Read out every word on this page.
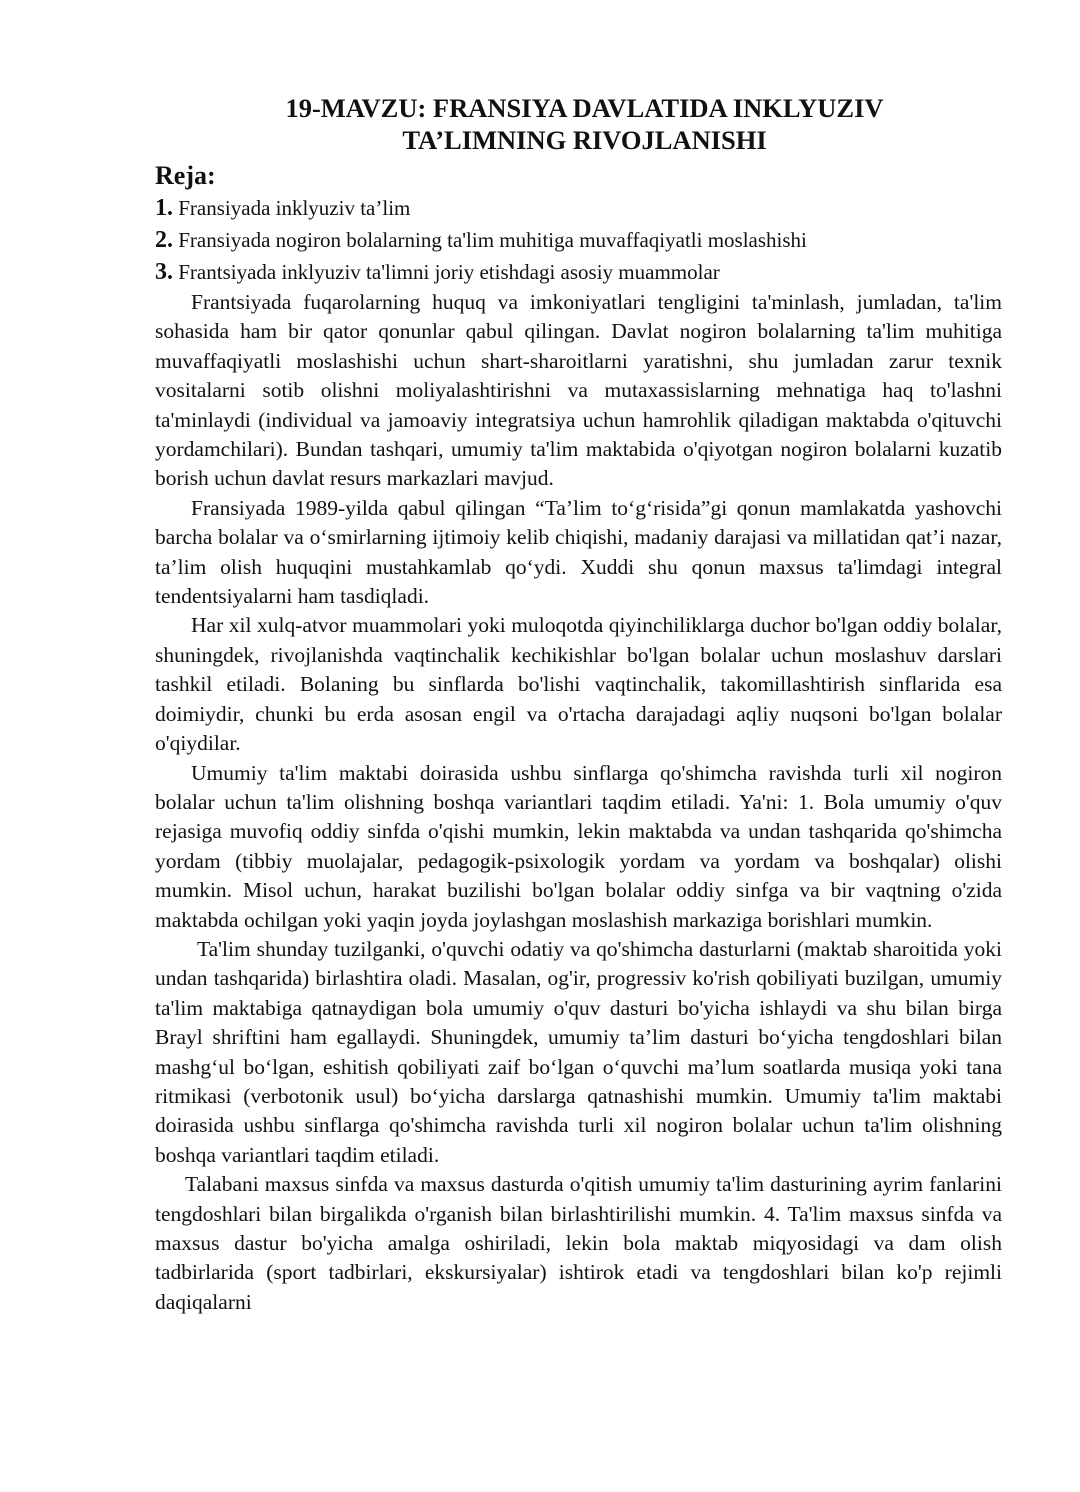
19-MAVZU: FRANSIYA DAVLATIDA INKLYUZIV
TA’LIMNING RIVOJLANISHI
Reja:
1. Fransiyada inklyuziv ta’lim
2. Fransiyada nogiron bolalarning ta'lim muhitiga muvaffaqiyatli moslashishi
3. Frantsiyada inklyuziv ta'limni joriy etishdagi asosiy muammolar

Frantsiyada fuqarolarning huquq va imkoniyatlari tengligini ta'minlash, jumladan, ta'lim sohasida ham bir qator qonunlar qabul qilingan. Davlat nogiron bolalarning ta'lim muhitiga muvaffaqiyatli moslashishi uchun shart-sharoitlarni yaratishni, shu jumladan zarur texnik vositalarni sotib olishni moliyalashtirishni va mutaxassislarning mehnatiga haq to'lashni ta'minlaydi (individual va jamoaviy integratsiya uchun hamrohlik qiladigan maktabda o'qituvchi yordamchilari). Bundan tashqari, umumiy ta'lim maktabida o'qiyotgan nogiron bolalarni kuzatib borish uchun davlat resurs markazlari mavjud.

Fransiyada 1989-yilda qabul qilingan “Ta’lim to‘g‘risida”gi qonun mamlakatda yashovchi barcha bolalar va o‘smirlarning ijtimoiy kelib chiqishi, madaniy darajasi va millatidan qat’i nazar, ta’lim olish huquqini mustahkamlab qo‘ydi. Xuddi shu qonun maxsus ta'limdagi integral tendentsiyalarni ham tasdiqladi.

Har xil xulq-atvor muammolari yoki muloqotda qiyinchiliklarga duchor bo'lgan oddiy bolalar, shuningdek, rivojlanishda vaqtinchalik kechikishlar bo'lgan bolalar uchun moslashuv darslari tashkil etiladi. Bolaning bu sinflarda bo'lishi vaqtinchalik, takomillashtirish sinflarida esa doimiydir, chunki bu erda asosan engil va o'rtacha darajadagi aqliy nuqsoni bo'lgan bolalar o'qiydilar.

Umumiy ta'lim maktabi doirasida ushbu sinflarga qo'shimcha ravishda turli xil nogiron bolalar uchun ta'lim olishning boshqa variantlari taqdim etiladi. Ya'ni: 1. Bola umumiy o'quv rejasiga muvofiq oddiy sinfda o'qishi mumkin, lekin maktabda va undan tashqarida qo'shimcha yordam (tibbiy muolajalar, pedagogik-psixologik yordam va yordam va boshqalar) olishi mumkin. Misol uchun, harakat buzilishi bo'lgan bolalar oddiy sinfga va bir vaqtning o'zida maktabda ochilgan yoki yaqin joyda joylashgan moslashish markaziga borishlari mumkin.

Ta'lim shunday tuzilganki, o'quvchi odatiy va qo'shimcha dasturlarni (maktab sharoitida yoki undan tashqarida) birlashtira oladi. Masalan, og'ir, progressiv ko'rish qobiliyati buzilgan, umumiy ta'lim maktabiga qatnaydigan bola umumiy o'quv dasturi bo'yicha ishlaydi va shu bilan birga Brayl shriftini ham egallaydi. Shuningdek, umumiy ta’lim dasturi bo‘yicha tengdoshlari bilan mashg‘ul bo‘lgan, eshitish qobiliyati zaif bo‘lgan o‘quvchi ma’lum soatlarda musiqa yoki tana ritmikasi (verbotonik usul) bo‘yicha darslarga qatnashishi mumkin. Umumiy ta'lim maktabi doirasida ushbu sinflarga qo'shimcha ravishda turli xil nogiron bolalar uchun ta'lim olishning boshqa variantlari taqdim etiladi.

Talabani maxsus sinfda va maxsus dasturda o'qitish umumiy ta'lim dasturining ayrim fanlarini tengdoshlari bilan birgalikda o'rganish bilan birlashtirilishi mumkin. 4. Ta'lim maxsus sinfda va maxsus dastur bo'yicha amalga oshiriladi, lekin bola maktab miqyosidagi va dam olish tadbirlarida (sport tadbirlari, ekskursiyalar) ishtirok etadi va tengdoshlari bilan ko'p rejimli daqiqalarni
